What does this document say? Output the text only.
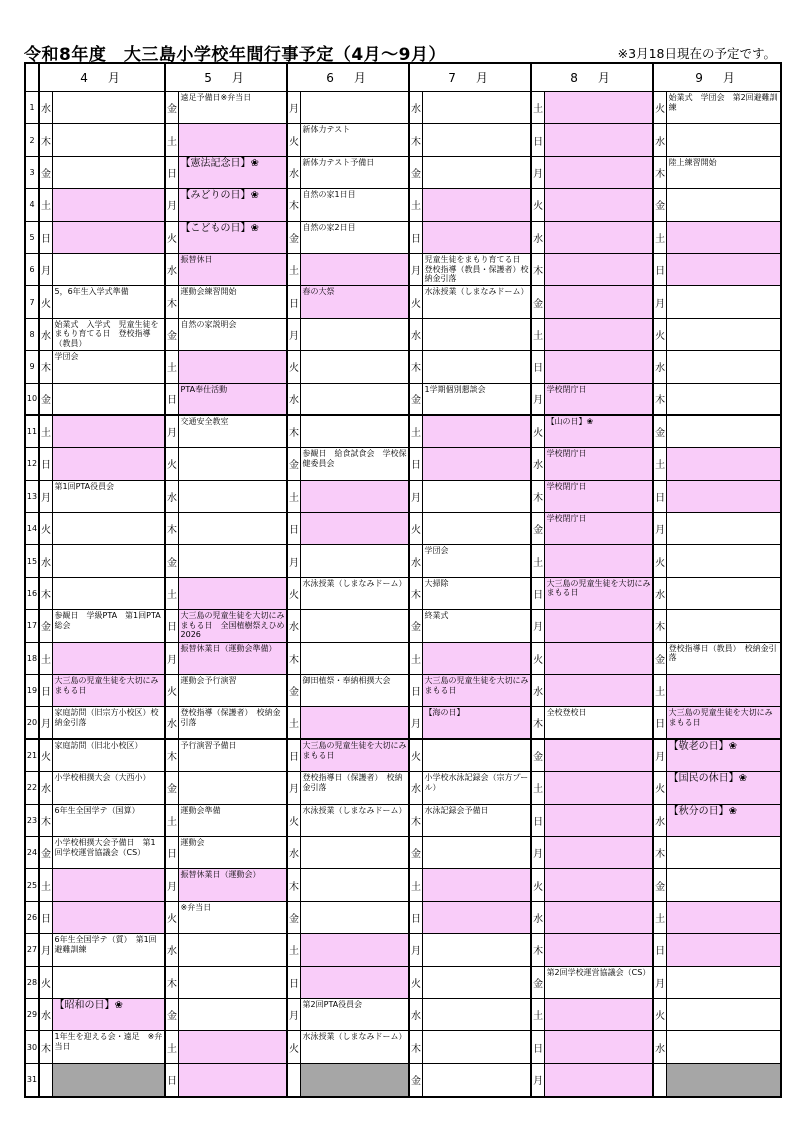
令和8年度　大三島小学校年間行事予定（4月～9月）	※3月18日現在の予定です。
	4　月		5　月		6　月		7　月		8　月		9　月	
1	水		金	遠足予備日※弁当日	月		水		土		火	始業式　学団会　第2回避難訓練
2	木		土		火	新体力テスト	木		日		水	
3	金		日	【憲法記念日】❀	水	新体力テスト予備日	金		月		木	陸上練習開始
4	土		月	【みどりの日】❀	木	自然の家1日目	土		火		金	
5	日		火	【こどもの日】❀	金	自然の家2日目	日		水		土	
6	月		水	振替休日	土		月	児童生徒をまもり育てる日　登校指導（教員・保護者）校納金引落	木		日	
7	火	5，6年生入学式準備	木	運動会練習開始	日	春の大祭	火	水泳授業（しまなみドーム）	金		月	
8	水	始業式　入学式　児童生徒をまもり育てる日　登校指導（教員）	金	自然の家説明会	月		水		土		火	
9	木	学団会	土		火		木		日		水	
10	金		日	PTA奉仕活動	水		金	1学期個別懇談会	月	学校閉庁日	木	
11	土		月	交通安全教室	木		土		火	【山の日】❀	金	
12	日		火		金	参観日　給食試食会　学校保健委員会	日		水	学校閉庁日	土	
13	月	第1回PTA役員会	水		土		月		木	学校閉庁日	日	
14	火		木		日		火		金	学校閉庁日	月	
15	水		金		月		水	学団会	土		火	
16	木		土		火	水泳授業（しまなみドーム）	木	大掃除	日	大三島の児童生徒を大切にみまもる日	水	
17	金	参観日　学級PTA　第1回PTA総会	日	大三島の児童生徒を大切にみまもる日　全国植樹祭えひめ2026	水		金	終業式	月		木	
18	土		月	振替休業日（運動会準備）	木		土		火		金	登校指導日（教員）　校納金引落
19	日	大三島の児童生徒を大切にみまもる日	火	運動会予行演習	金	御田植祭・奉納相撲大会	日	大三島の児童生徒を大切にみまもる日	水		土	
20	月	家庭訪問（旧宗方小校区）校納金引落	水	登校指導（保護者）　校納金引落	土		月	【海の日】	木	全校登校日	日	大三島の児童生徒を大切にみまもる日
21	火	家庭訪問（旧北小校区）	木	予行演習予備日	日	大三島の児童生徒を大切にみまもる日	火		金		月	【敬老の日】❀
22	水	小学校相撲大会（大西小）	金		月	登校指導日（保護者）　校納金引落	水	小学校水泳記録会（宗方プール）	土		火	【国民の休日】❀
23	木	6年生全国学テ（国算）	土	運動会準備	火	水泳授業（しまなみドーム）	木	水泳記録会予備日	日		水	【秋分の日】❀
24	金	小学校相撲大会予備日　第1回学校運営協議会（CS）	日	運動会	水		金		月		木	
25	土		月	振替休業日（運動会）	木		土		火		金	
26	日		火	※弁当日	金		日		水		土	
27	月	6年生全国学テ（質）　第1回避難訓練	水		土		月		木		日	
28	火		木		日		火		金	第2回学校運営協議会（CS）	月	
29	水	【昭和の日】❀	金		月	第2回PTA役員会	水		土		火	
30	木	1年生を迎える会・遠足　※弁当日	土		火	水泳授業（しまなみドーム）	木		日		水	
31			日				金		月			
